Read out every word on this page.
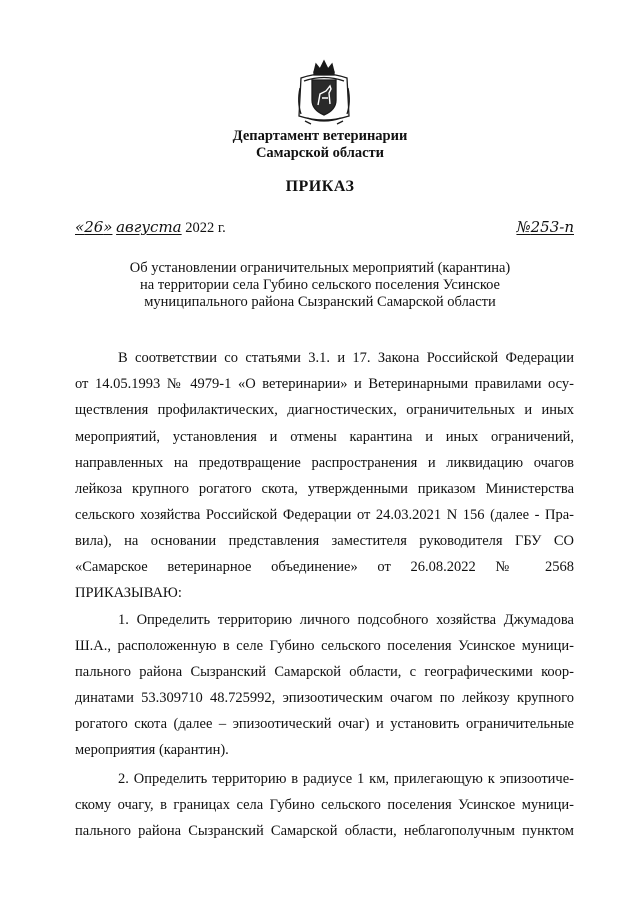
Департамент ветеринарии
Самарской области
ПРИКАЗ
«26» августа 2022 г.	№253-п
Об установлении ограничительных мероприятий (карантина)
на территории села Губино сельского поселения Усинское
муниципального района Сызранский Самарской области
В соответствии со статьями 3.1. и 17. Закона Российской Федерации
от 14.05.1993 № 4979-1 «О ветеринарии» и Ветеринарными правилами осу-
ществления профилактических, диагностических, ограничительных и иных
мероприятий, установления и отмены карантина и иных ограничений,
направленных на предотвращение распространения и ликвидацию очагов
лейкоза крупного рогатого скота, утвержденными приказом Министерства
сельского хозяйства Российской Федерации от 24.03.2021 N 156 (далее - Пра-
вила), на основании представления заместителя руководителя ГБУ СО
«Самарское ветеринарное объединение» от 26.08.2022 № 2568
ПРИКАЗЫВАЮ:
1. Определить территорию личного подсобного хозяйства Джумадова
Ш.А., расположенную в селе Губино сельского поселения Усинское муници-
пального района Сызранский Самарской области, с географическими коор-
динатами 53.309710 48.725992, эпизоотическим очагом по лейкозу крупного
рогатого скота (далее – эпизоотический очаг) и установить ограничительные
мероприятия (карантин).
2. Определить территорию в радиусе 1 км, прилегающую к эпизоотиче-
скому очагу, в границах села Губино сельского поселения Усинское муници-
пального района Сызранский Самарской области, неблагополучным пунктом
